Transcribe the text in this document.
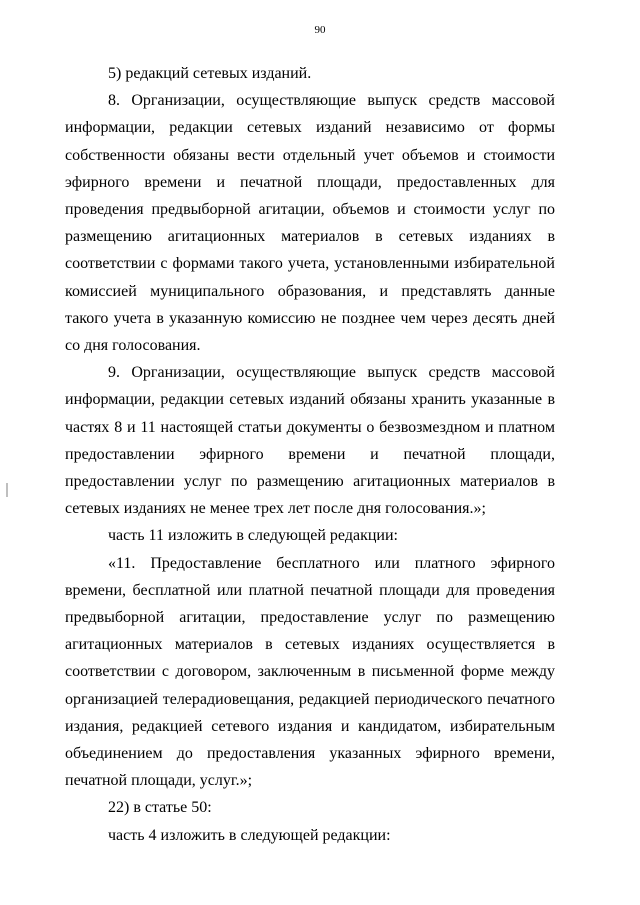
90

5) редакций сетевых изданий.

8. Организации, осуществляющие выпуск средств массовой информации, редакции сетевых изданий независимо от формы собственности обязаны вести отдельный учет объемов и стоимости эфирного времени и печатной площади, предоставленных для проведения предвыборной агитации, объемов и стоимости услуг по размещению агитационных материалов в сетевых изданиях в соответствии с формами такого учета, установленными избирательной комиссией муниципального образования, и представлять данные такого учета в указанную комиссию не позднее чем через десять дней со дня голосования.

9. Организации, осуществляющие выпуск средств массовой информации, редакции сетевых изданий обязаны хранить указанные в частях 8 и 11 настоящей статьи документы о безвозмездном и платном предоставлении эфирного времени и печатной площади, предоставлении услуг по размещению агитационных материалов в сетевых изданиях не менее трех лет после дня голосования.»;

часть 11 изложить в следующей редакции:

«11. Предоставление бесплатного или платного эфирного времени, бесплатной или платной печатной площади для проведения предвыборной агитации, предоставление услуг по размещению агитационных материалов в сетевых изданиях осуществляется в соответствии с договором, заключенным в письменной форме между организацией телерадиовещания, редакцией периодического печатного издания, редакцией сетевого издания и кандидатом, избирательным объединением до предоставления указанных эфирного времени, печатной площади, услуг.»;

22) в статье 50:

часть 4 изложить в следующей редакции:
